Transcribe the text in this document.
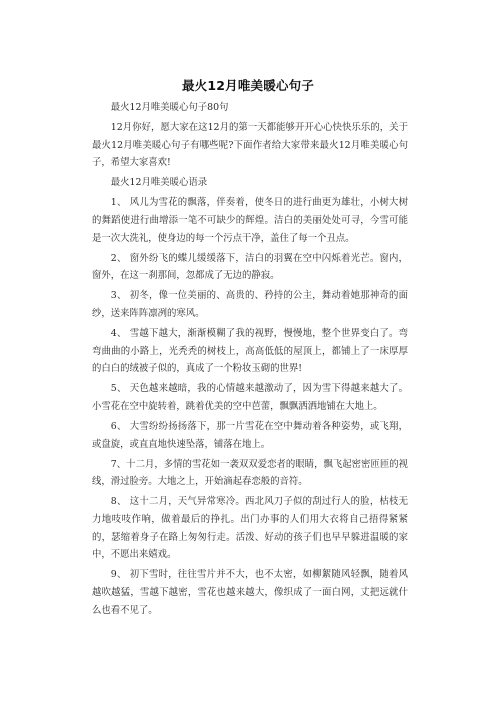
最火12月唯美暖心句子

最火12月唯美暖心句子80句

12月你好，愿大家在这12月的第一天都能够开开心心快快乐乐的，关于最火12月唯美暖心句子有哪些呢?下面作者给大家带来最火12月唯美暖心句子，希望大家喜欢!

最火12月唯美暖心语录

1、 风儿为雪花的飘落，伴奏着，使冬日的进行曲更为雄壮，小树大树的舞蹈使进行曲增添一笔不可缺少的辉煌。洁白的美丽处处可寻，今雪可能是一次大洗礼，使身边的每一个污点干净，盖住了每一个丑点。

2、 窗外纷飞的蝶儿缓缓落下，洁白的羽翼在空中闪烁着光芒。窗内，窗外，在这一刹那间，忽都成了无边的静寂。

3、 初冬，像一位美丽的、高贵的、矜持的公主，舞动着她那神奇的面纱，送来阵阵凛冽的寒风。

4、 雪越下越大，渐渐模糊了我的视野，慢慢地，整个世界变白了。弯弯曲曲的小路上，光秃秃的树枝上，高高低低的屋顶上，都铺上了一床厚厚的白白的绒被子似的，真成了一个粉妆玉砌的世界!

5、 天色越来越暗，我的心情越来越激动了，因为雪下得越来越大了。小雪花在空中旋转着，跳着优美的空中芭蕾，飘飘洒洒地铺在大地上。

6、 大雪纷纷扬扬落下，那一片雪花在空中舞动着各种姿势，或飞翔，或盘旋，或直直地快速坠落，铺落在地上。

7、十二月，多情的雪花如一袭双双爱恋者的眼睛，飘飞起密密匝匝的视线，滑过脸旁。大地之上，开始滴起春恋般的音符。

8、 这十二月，天气异常寒冷。西北风刀子似的刮过行人的脸，枯枝无力地吱吱作响，做着最后的挣扎。出门办事的人们用大衣将自己捂得紧紧的，瑟缩着身子在路上匆匆行走。活泼、好动的孩子们也早早躲进温暖的家中，不愿出来嬉戏。

9、 初下雪时，往往雪片并不大，也不太密，如柳絮随风轻飘，随着风越吹越猛，雪越下越密，雪花也越来越大，像织成了一面白网，丈把远就什么也看不见了。
